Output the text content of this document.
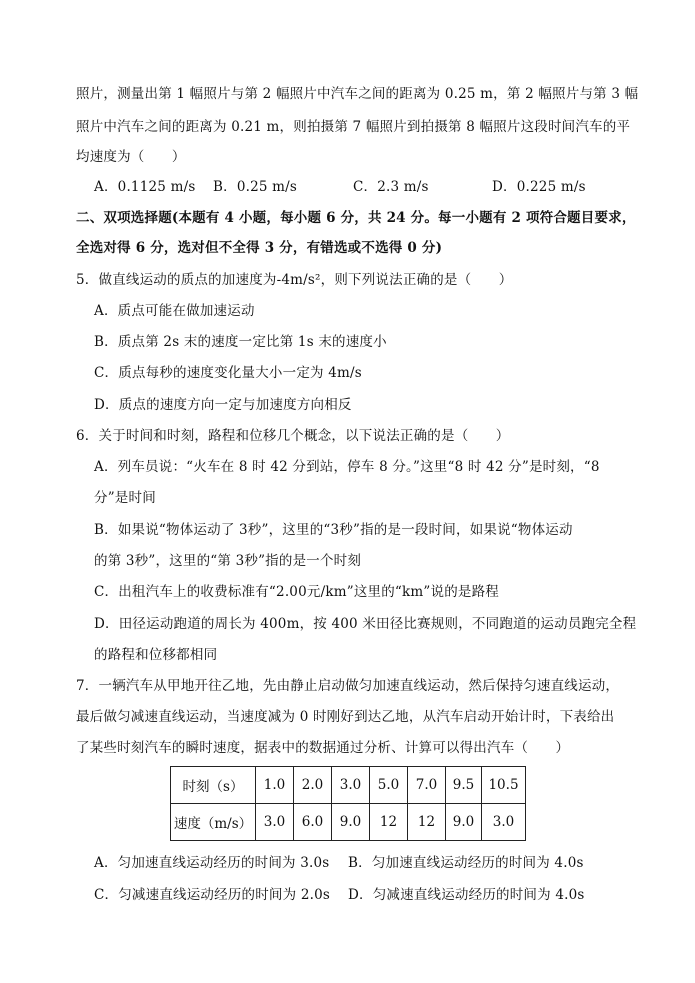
照片，测量出第 1 幅照片与第 2 幅照片中汽车之间的距离为 0.25 m，第 2 幅照片与第 3 幅
照片中汽车之间的距离为 0.21 m，则拍摄第 7 幅照片到拍摄第 8 幅照片这段时间汽车的平
均速度为（　　）
A．0.1125 m/s B．0.25 m/s	C．2.3 m/s	D．0.225 m/s
二、双项选择题(本题有 4 小题，每小题 6 分，共 24 分。每一小题有 2 项符合题目要求，
全选对得 6 分，选对但不全得 3 分，有错选或不选得 0 分)
5．做直线运动的质点的加速度为-4m/s²，则下列说法正确的是（　　）
A．质点可能在做加速运动
B．质点第 2s 末的速度一定比第 1s 末的速度小
C．质点每秒的速度变化量大小一定为 4m/s
D．质点的速度方向一定与加速度方向相反
6．关于时间和时刻，路程和位移几个概念，以下说法正确的是（　　）
A．列车员说：“火车在 8 时 42 分到站，停车 8 分。”这里“8 时 42 分”是时刻，“8
分”是时间
B．如果说“物体运动了 3秒”，这里的“3秒”指的是一段时间，如果说“物体运动
的第 3秒”，这里的“第 3秒”指的是一个时刻
C．出租汽车上的收费标准有“2.00元/km”这里的“km”说的是路程
D．田径运动跑道的周长为 400m，按 400 米田径比赛规则，不同跑道的运动员跑完全程
的路程和位移都相同
7．一辆汽车从甲地开往乙地，先由静止启动做匀加速直线运动，然后保持匀速直线运动，
最后做匀减速直线运动，当速度减为 0 时刚好到达乙地，从汽车启动开始计时，下表给出
了某些时刻汽车的瞬时速度，据表中的数据通过分析、计算可以得出汽车（　　）
时刻（s）	1.0	2.0	3.0	5.0	7.0	9.5	10.5
速度（m/s）	3.0	6.0	9.0	12	12	9.0	3.0
A．匀加速直线运动经历的时间为 3.0s B．匀加速直线运动经历的时间为 4.0s
C．匀减速直线运动经历的时间为 2.0s D．匀减速直线运动经历的时间为 4.0s
